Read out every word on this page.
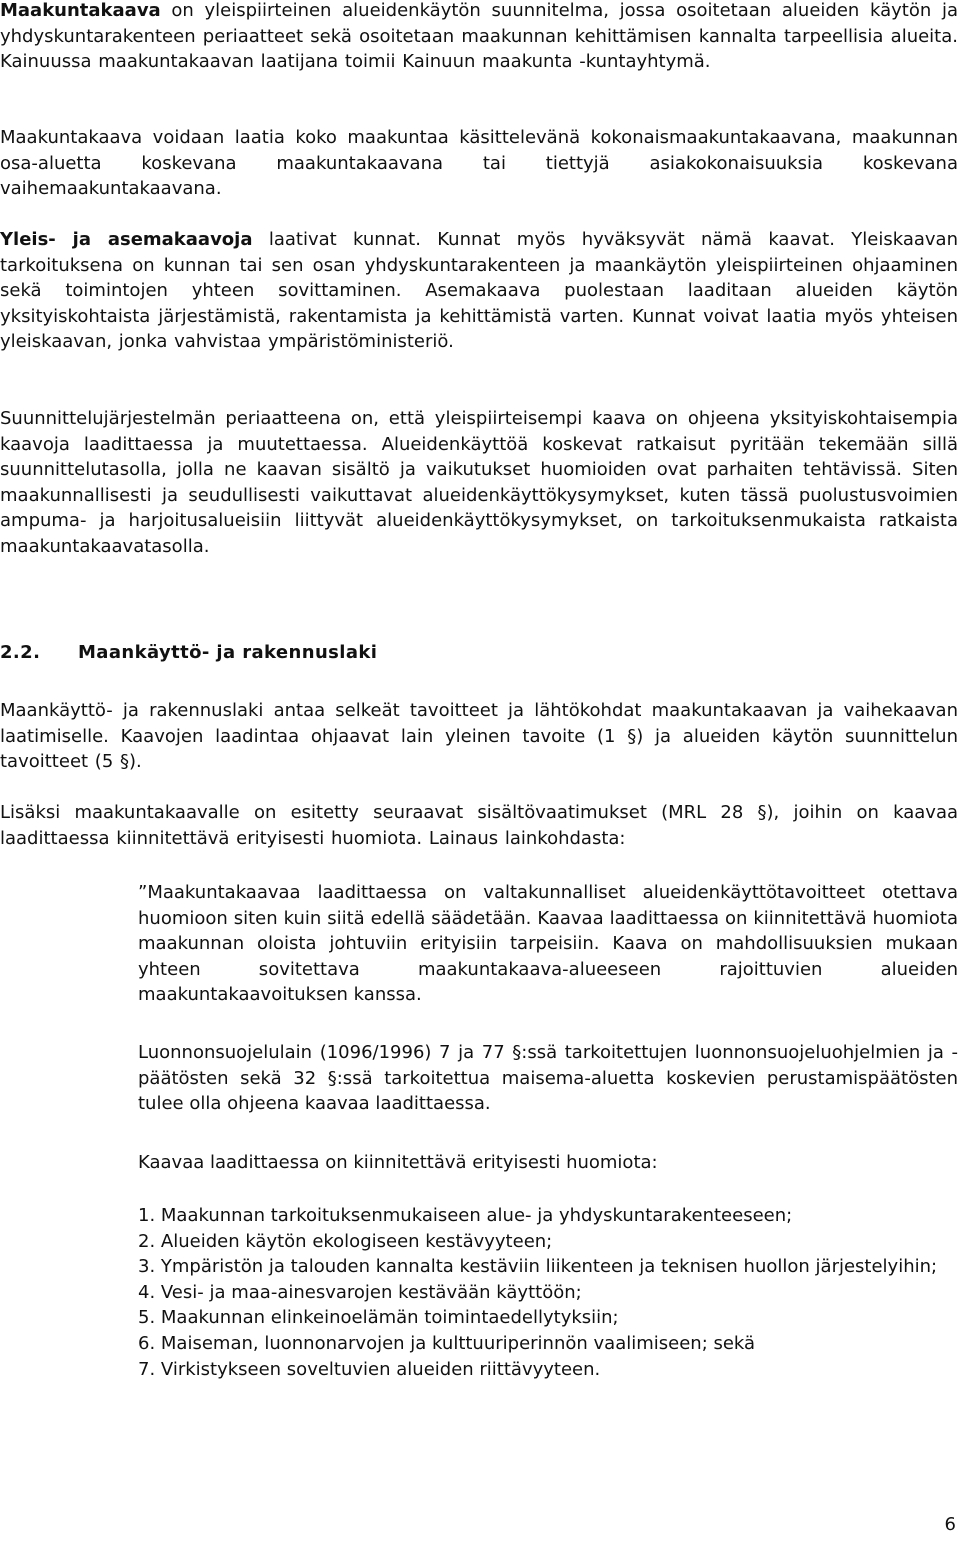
Maakuntakaava on yleispiirteinen alueidenkäytön suunnitelma, jossa osoitetaan alueiden käytön ja yhdyskuntarakenteen periaatteet sekä osoitetaan maakunnan kehittämisen kannalta tarpeellisia alueita. Kainuussa maakuntakaavan laatijana toimii Kainuun maakunta -kuntayhtymä.

Maakuntakaava voidaan laatia koko maakuntaa käsittelevänä kokonaismaakuntakaavana, maakunnan osa-aluetta koskevana maakuntakaavana tai tiettyjä asiakokonaisuuksia koskevana vaihemaakuntakaavana.

Yleis- ja asemakaavoja laativat kunnat. Kunnat myös hyväksyvät nämä kaavat. Yleiskaavan tarkoituksena on kunnan tai sen osan yhdyskuntarakenteen ja maankäytön yleispiirteinen ohjaaminen sekä toimintojen yhteen sovittaminen. Asemakaava puolestaan laaditaan alueiden käytön yksityiskohtaista järjestämistä, rakentamista ja kehittämistä varten. Kunnat voivat laatia myös yhteisen yleiskaavan, jonka vahvistaa ympäristöministeriö.

Suunnittelujärjestelmän periaatteena on, että yleispiirteisempi kaava on ohjeena yksityiskohtaisempia kaavoja laadittaessa ja muutettaessa. Alueidenkäyttöä koskevat ratkaisut pyritään tekemään sillä suunnittelutasolla, jolla ne kaavan sisältö ja vaikutukset huomioiden ovat parhaiten tehtävissä. Siten maakunnallisesti ja seudullisesti vaikuttavat alueidenkäyttökysymykset, kuten tässä puolustusvoimien ampuma- ja harjoitusalueisiin liittyvät alueidenkäyttökysymykset, on tarkoituksenmukaista ratkaista maakuntakaavatasolla.

2.2. Maankäyttö- ja rakennuslaki

Maankäyttö- ja rakennuslaki antaa selkeät tavoitteet ja lähtökohdat maakuntakaavan ja vaihekaavan laatimiselle. Kaavojen laadintaa ohjaavat lain yleinen tavoite (1 §) ja alueiden käytön suunnittelun tavoitteet (5 §).

Lisäksi maakuntakaavalle on esitetty seuraavat sisältövaatimukset (MRL 28 §), joihin on kaavaa laadittaessa kiinnitettävä erityisesti huomiota. Lainaus lainkohdasta:

”Maakuntakaavaa laadittaessa on valtakunnalliset alueidenkäyttötavoitteet otettava huomioon siten kuin siitä edellä säädetään. Kaavaa laadittaessa on kiinnitettävä huomiota maakunnan oloista johtuviin erityisiin tarpeisiin. Kaava on mahdollisuuksien mukaan yhteen sovitettava maakuntakaava-alueeseen rajoittuvien alueiden maakuntakaavoituksen kanssa.

Luonnonsuojelulain (1096/1996) 7 ja 77 §:ssä tarkoitettujen luonnonsuojeluohjelmien ja -päätösten sekä 32 §:ssä tarkoitettua maisema-aluetta koskevien perustamispäätösten tulee olla ohjeena kaavaa laadittaessa.

Kaavaa laadittaessa on kiinnitettävä erityisesti huomiota:

1. Maakunnan tarkoituksenmukaiseen alue- ja yhdyskuntarakenteeseen;
2. Alueiden käytön ekologiseen kestävyyteen;
3. Ympäristön ja talouden kannalta kestäviin liikenteen ja teknisen huollon järjestelyihin;
4. Vesi- ja maa-ainesvarojen kestävään käyttöön;
5. Maakunnan elinkeinoelämän toimintaedellytyksiin;
6. Maiseman, luonnonarvojen ja kulttuuriperinnön vaalimiseen; sekä
7. Virkistykseen soveltuvien alueiden riittävyyteen.
6
